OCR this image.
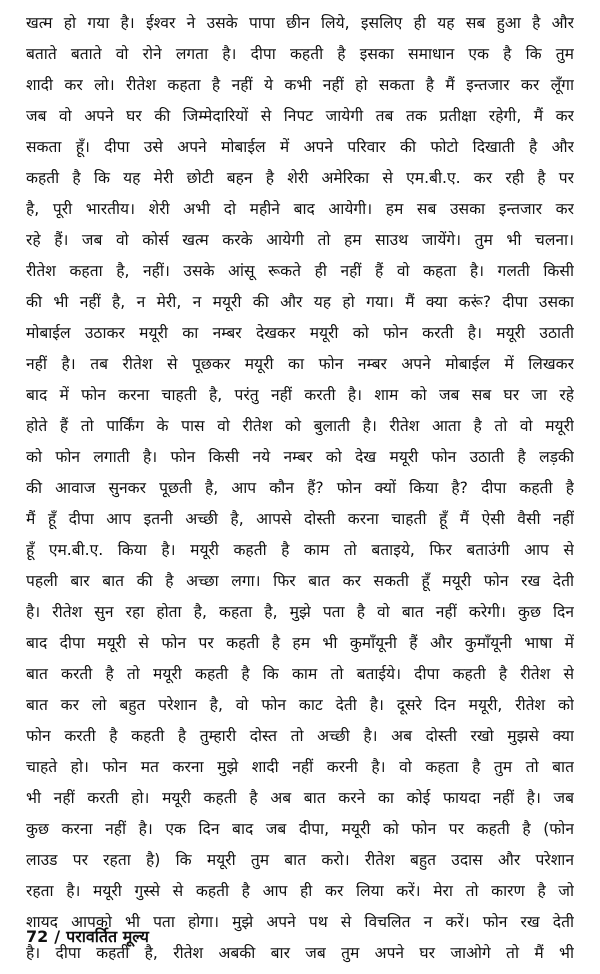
खत्म हो गया है। ईश्वर ने उसके पापा छीन लिये, इसलिए ही यह सब हुआ है और
बताते बताते वो रोने लगता है। दीपा कहती है इसका समाधान एक है कि तुम
शादी कर लो। रीतेश कहता है नहीं ये कभी नहीं हो सकता है मैं इन्तजार कर लूँगा
जब वो अपने घर की जिम्मेदारियों से निपट जायेगी तब तक प्रतीक्षा रहेगी, मैं कर
सकता हूँ। दीपा उसे अपने मोबाईल में अपने परिवार की फोटो दिखाती है और
कहती है कि यह मेरी छोटी बहन है शेरी अमेरिका से एम.बी.ए. कर रही है पर
है, पूरी भारतीय। शेरी अभी दो महीने बाद आयेगी। हम सब उसका इन्तजार कर
रहे हैं। जब वो कोर्स खत्म करके आयेगी तो हम साउथ जायेंगे। तुम भी चलना।
रीतेश कहता है, नहीं। उसके आंसू रूकते ही नहीं हैं वो कहता है। गलती किसी
की भी नहीं है, न मेरी, न मयूरी की और यह हो गया। मैं क्या करूं? दीपा उसका
मोबाईल उठाकर मयूरी का नम्बर देखकर मयूरी को फोन करती है। मयूरी उठाती
नहीं है। तब रीतेश से पूछकर मयूरी का फोन नम्बर अपने मोबाईल में लिखकर
बाद में फोन करना चाहती है, परंतु नहीं करती है। शाम को जब सब घर जा रहे
होते हैं तो पार्किंग के पास वो रीतेश को बुलाती है। रीतेश आता है तो वो मयूरी
को फोन लगाती है। फोन किसी नये नम्बर को देख मयूरी फोन उठाती है लड़की
की आवाज सुनकर पूछती है, आप कौन हैं? फोन क्यों किया है? दीपा कहती है
मैं हूँ दीपा आप इतनी अच्छी है, आपसे दोस्ती करना चाहती हूँ मैं ऐसी वैसी नहीं
हूँ एम.बी.ए. किया है। मयूरी कहती है काम तो बताइये, फिर बताउंगी आप से
पहली बार बात की है अच्छा लगा। फिर बात कर सकती हूँ मयूरी फोन रख देती
है। रीतेश सुन रहा होता है, कहता है, मुझे पता है वो बात नहीं करेगी। कुछ दिन
बाद दीपा मयूरी से फोन पर कहती है हम भी कुमाँयूनी हैं और कुमाँयूनी भाषा में
बात करती है तो मयूरी कहती है कि काम तो बताईये। दीपा कहती है रीतेश से
बात कर लो बहुत परेशान है, वो फोन काट देती है। दूसरे दिन मयूरी, रीतेश को
फोन करती है कहती है तुम्हारी दोस्त तो अच्छी है। अब दोस्ती रखो मुझसे क्या
चाहते हो। फोन मत करना मुझे शादी नहीं करनी है। वो कहता है तुम तो बात
भी नहीं करती हो। मयूरी कहती है अब बात करने का कोई फायदा नहीं है। जब
कुछ करना नहीं है। एक दिन बाद जब दीपा, मयूरी को फोन पर कहती है (फोन
लाउड पर रहता है) कि मयूरी तुम बात करो। रीतेश बहुत उदास और परेशान
रहता है। मयूरी गुस्से से कहती है आप ही कर लिया करें। मेरा तो कारण है जो
शायद आपको भी पता होगा। मुझे अपने पथ से विचलित न करें। फोन रख देती
है। दीपा कहती है, रीतेश अबकी बार जब तुम अपने घर जाओगे तो मैं भी
72 / परावर्तित मूल्य
